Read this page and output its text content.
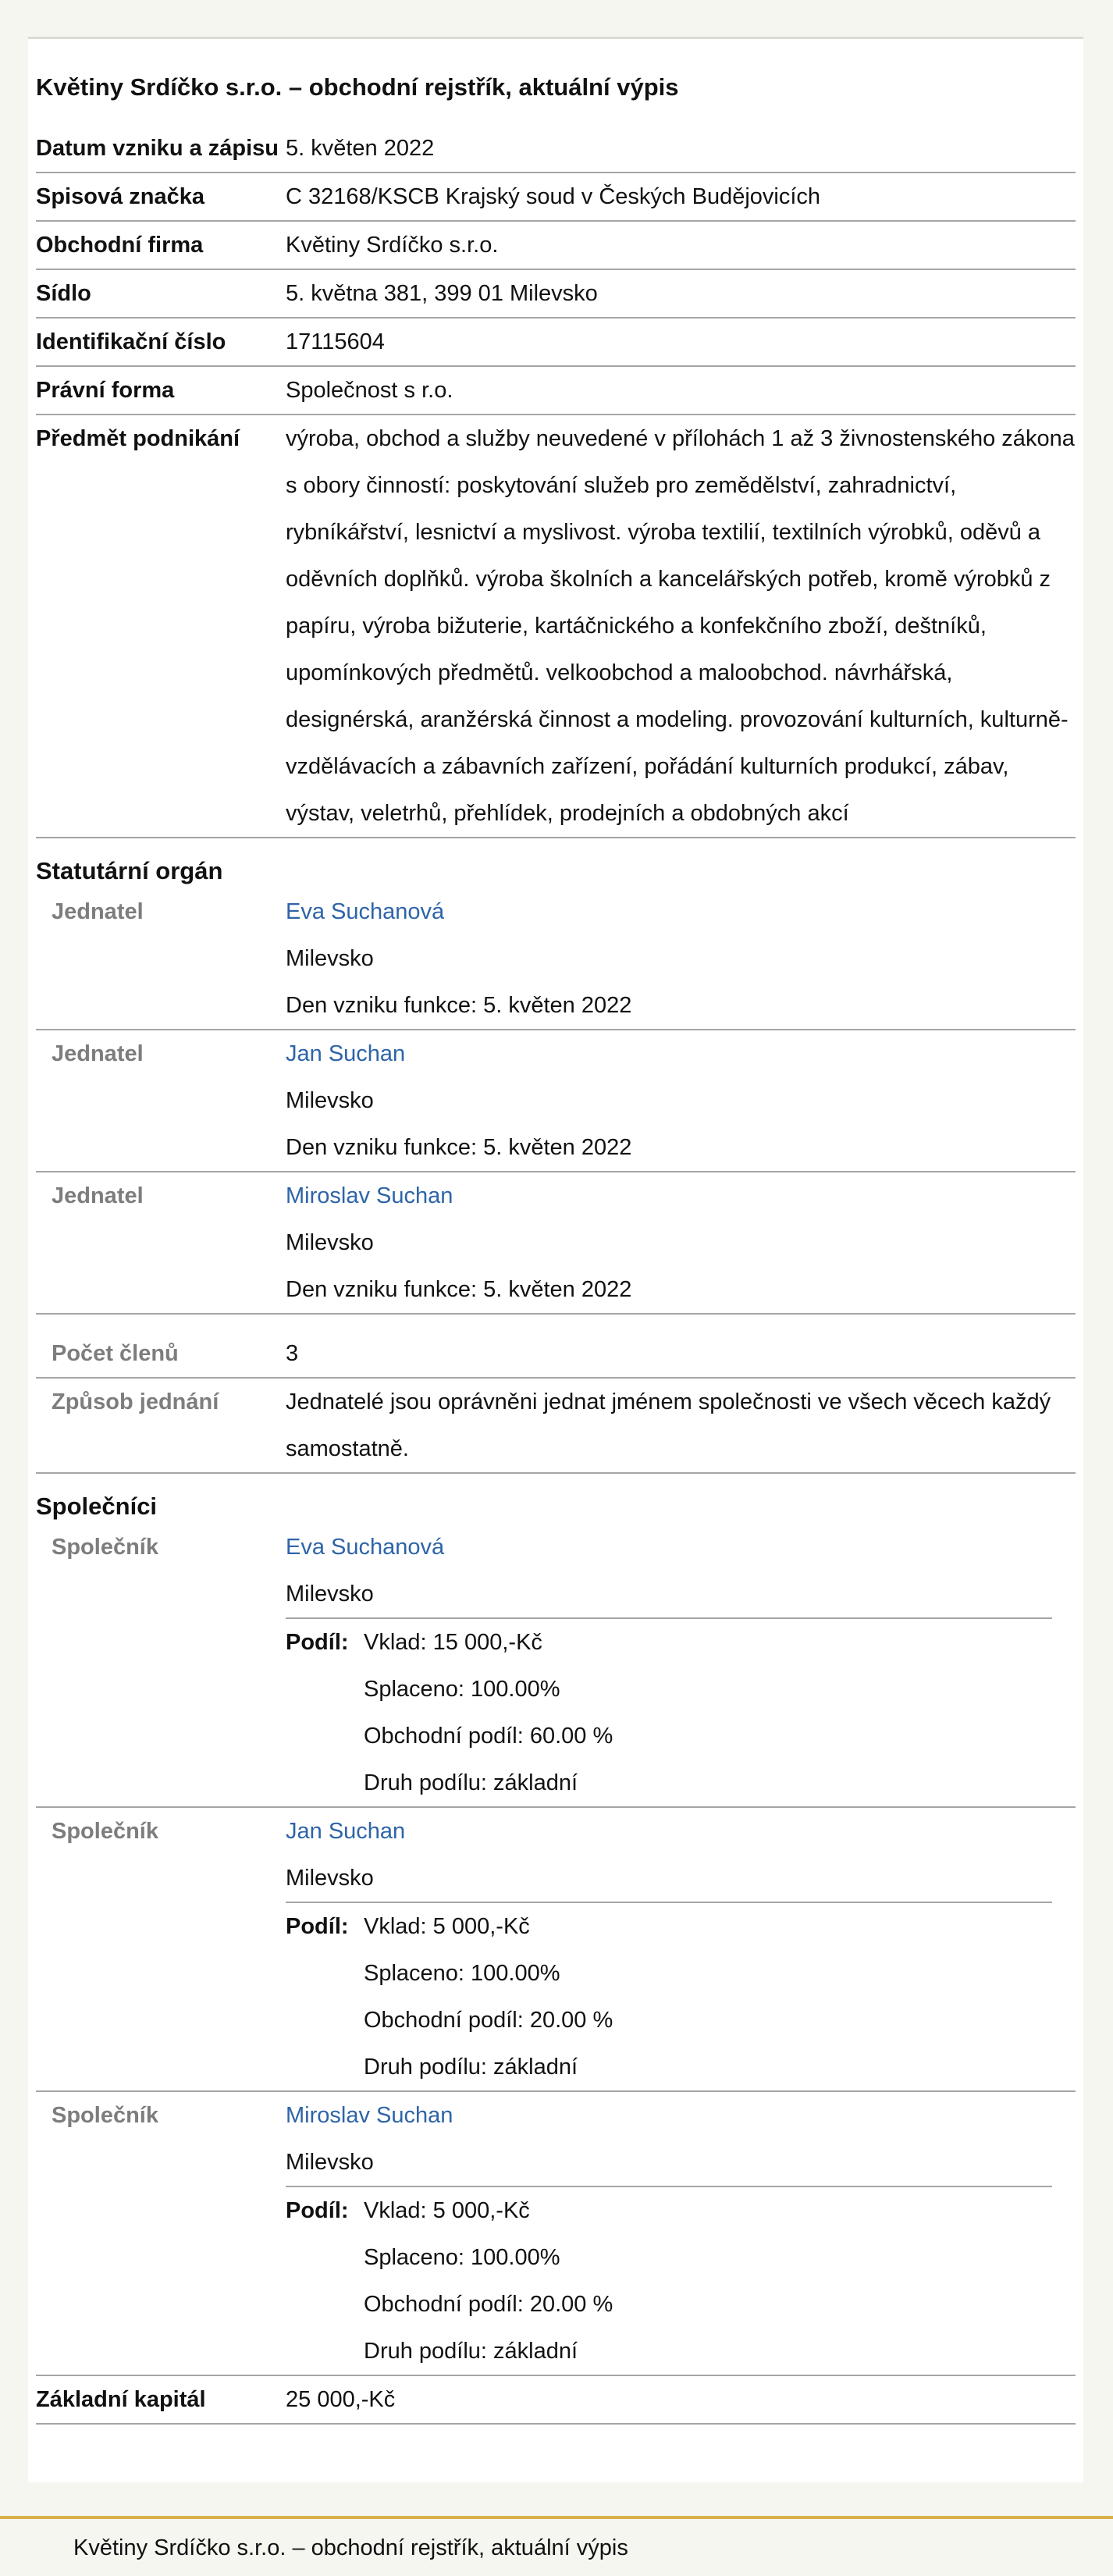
Květiny Srdíčko s.r.o. – obchodní rejstřík, aktuální výpis
Datum vzniku a zápisu 5. květen 2022
Spisová značka	C 32168/KSCB Krajský soud v Českých Budějovicích
Obchodní firma	Květiny Srdíčko s.r.o.
Sídlo	5. května 381, 399 01 Milevsko
Identifikační číslo	17115604
Právní forma	Společnost s r.o.
Předmět podnikání	výroba, obchod a služby neuvedené v přílohách 1 až 3 živnostenského zákona s obory činností: poskytování služeb pro zemědělství, zahradnictví, rybníkářství, lesnictví a myslivost. výroba textilií, textilních výrobků, oděvů a oděvních doplňků. výroba školních a kancelářských potřeb, kromě výrobků z papíru, výroba bižuterie, kartáčnického a konfekčního zboží, deštníků, upomínkových předmětů. velkoobchod a maloobchod. návrhářská, designérská, aranžérská činnost a modeling. provozování kulturních, kulturně-vzdělávacích a zábavních zařízení, pořádání kulturních produkcí, zábav, výstav, veletrhů, přehlídek, prodejních a obdobných akcí
Statutární orgán
Jednatel	Eva Suchanová
Milevsko
Den vzniku funkce: 5. květen 2022
Jednatel	Jan Suchan
Milevsko
Den vzniku funkce: 5. květen 2022
Jednatel	Miroslav Suchan
Milevsko
Den vzniku funkce: 5. květen 2022
Počet členů	3
Způsob jednání	Jednatelé jsou oprávněni jednat jménem společnosti ve všech věcech každý samostatně.
Společníci
Společník	Eva Suchanová
Milevsko
Podíl: Vklad: 15 000,-Kč
Splaceno: 100.00%
Obchodní podíl: 60.00 %
Druh podílu: základní
Společník	Jan Suchan
Milevsko
Podíl: Vklad: 5 000,-Kč
Splaceno: 100.00%
Obchodní podíl: 20.00 %
Druh podílu: základní
Společník	Miroslav Suchan
Milevsko
Podíl: Vklad: 5 000,-Kč
Splaceno: 100.00%
Obchodní podíl: 20.00 %
Druh podílu: základní
Základní kapitál	25 000,-Kč
Květiny Srdíčko s.r.o. – obchodní rejstřík, aktuální výpis
